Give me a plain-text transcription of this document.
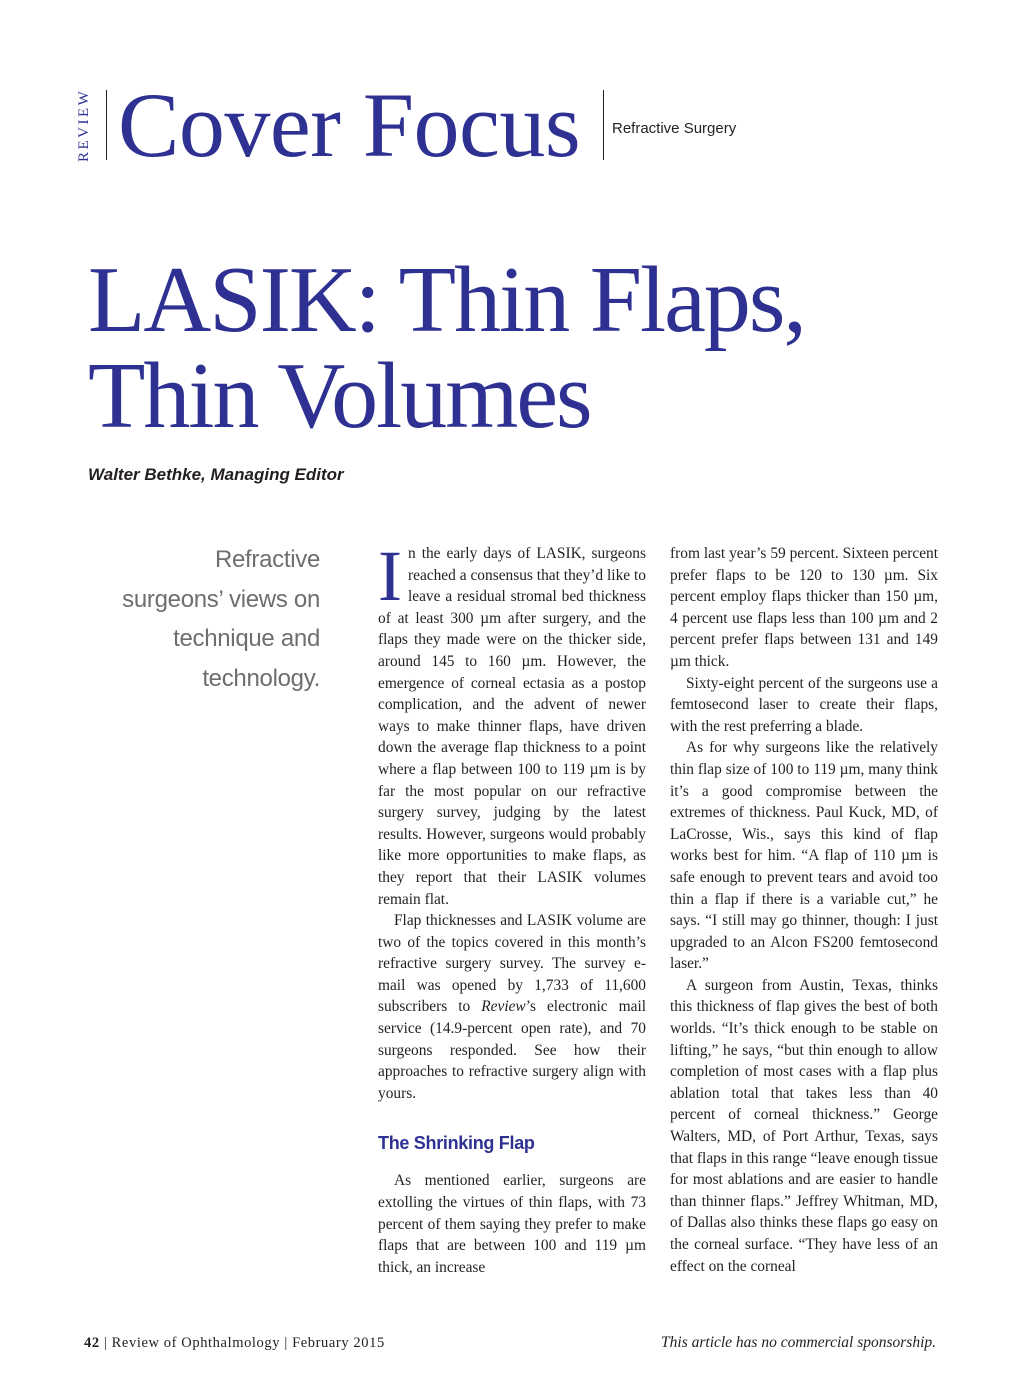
REVIEW Cover Focus Refractive Surgery
LASIK: Thin Flaps,
Thin Volumes
Walter Bethke, Managing Editor
Refractive surgeons’ views on technique and technology.

In the early days of LASIK, surgeons reached a consensus that they’d like to leave a residual stromal bed thickness of at least 300 µm after surgery, and the flaps they made were on the thicker side, around 145 to 160 µm. However, the emergence of corneal ectasia as a postop complication, and the advent of newer ways to make thinner flaps, have driven down the average flap thickness to a point where a flap between 100 to 119 µm is by far the most popular on our refractive surgery survey, judging by the latest results. However, surgeons would probably like more opportunities to make flaps, as they report that their LASIK volumes remain flat.

Flap thicknesses and LASIK volume are two of the topics covered in this month’s refractive surgery survey. The survey e-mail was opened by 1,733 of 11,600 subscribers to Review’s electronic mail service (14.9-percent open rate), and 70 surgeons responded. See how their approaches to refractive surgery align with yours.

The Shrinking Flap

As mentioned earlier, surgeons are extolling the virtues of thin flaps, with 73 percent of them saying they prefer to make flaps that are between 100 and 119 µm thick, an increase

from last year’s 59 percent. Sixteen percent prefer flaps to be 120 to 130 µm. Six percent employ flaps thicker than 150 µm, 4 percent use flaps less than 100 µm and 2 percent prefer flaps between 131 and 149 µm thick.

Sixty-eight percent of the surgeons use a femtosecond laser to create their flaps, with the rest preferring a blade.

As for why surgeons like the relatively thin flap size of 100 to 119 µm, many think it’s a good compromise between the extremes of thickness. Paul Kuck, MD, of LaCrosse, Wis., says this kind of flap works best for him. “A flap of 110 µm is safe enough to prevent tears and avoid too thin a flap if there is a variable cut,” he says. “I still may go thinner, though: I just upgraded to an Alcon FS200 femtosecond laser.”

A surgeon from Austin, Texas, thinks this thickness of flap gives the best of both worlds. “It’s thick enough to be stable on lifting,” he says, “but thin enough to allow completion of most cases with a flap plus ablation total that takes less than 40 percent of corneal thickness.” George Walters, MD, of Port Arthur, Texas, says that flaps in this range “leave enough tissue for most ablations and are easier to handle than thinner flaps.” Jeffrey Whitman, MD, of Dallas also thinks these flaps go easy on the corneal surface. “They have less of an effect on the corneal

42 | Review of Ophthalmology | February 2015	This article has no commercial sponsorship.
